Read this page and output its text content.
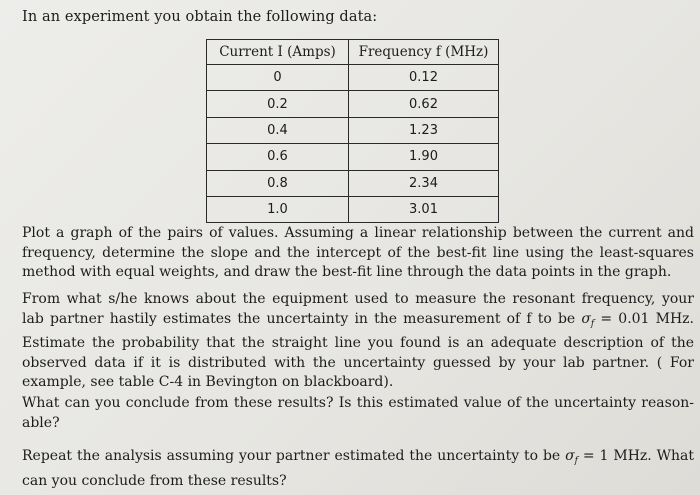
In an experiment you obtain the following data:
Current I (Amps)	Frequency f (MHz)
0	0.12
0.2	0.62
0.4	1.23
0.6	1.90
0.8	2.34
1.0	3.01

Plot a graph of the pairs of values. Assuming a linear relationship between the current and
frequency, determine the slope and the intercept of the best-fit line using the least-squares
method with equal weights, and draw the best-fit line through the data points in the graph.

From what s/he knows about the equipment used to measure the resonant frequency, your
lab partner hastily estimates the uncertainty in the measurement of f to be $\sigma_f = 0.01$ MHz.
Estimate the probability that the straight line you found is an adequate description of the
observed data if it is distributed with the uncertainty guessed by your lab partner. ( For
example, see table C-4 in Bevington on blackboard).

What can you conclude from these results? Is this estimated value of the uncertainty reason-
able?

Repeat the analysis assuming your partner estimated the uncertainty to be $\sigma_f = 1$ MHz. What
can you conclude from these results?
